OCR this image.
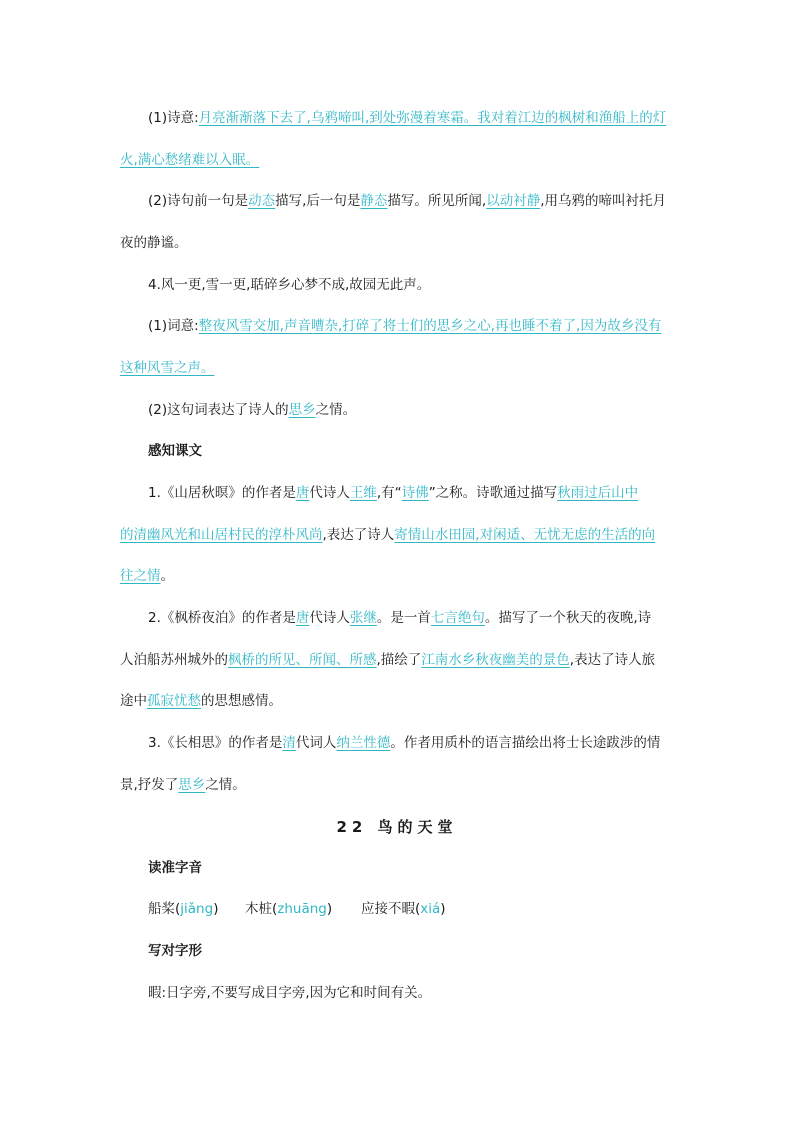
(1)诗意:月亮渐渐落下去了,乌鸦啼叫,到处弥漫着寒霜。我对着江边的枫树和渔船上的灯
火,满心愁绪难以入眠。
(2)诗句前一句是动态描写,后一句是静态描写。所见所闻,以动衬静,用乌鸦的啼叫衬托月
夜的静谧。
4.风一更,雪一更,聒碎乡心梦不成,故园无此声。
(1)词意:整夜风雪交加,声音嘈杂,打碎了将士们的思乡之心,再也睡不着了,因为故乡没有
这种风雪之声。
(2)这句词表达了诗人的思乡之情。
感知课文
1.《山居秋暝》的作者是唐代诗人王维,有“诗佛”之称。诗歌通过描写秋雨过后山中
的清幽风光和山居村民的淳朴风尚,表达了诗人寄情山水田园,对闲适、无忧无虑的生活的向
往之情。
2.《枫桥夜泊》的作者是唐代诗人张继。是一首七言绝句。描写了一个秋天的夜晚,诗
人泊船苏州城外的枫桥的所见、所闻、所感,描绘了江南水乡秋夜幽美的景色,表达了诗人旅
途中孤寂忧愁的思想感情。
3.《长相思》的作者是清代词人纳兰性德。作者用质朴的语言描绘出将士长途跋涉的情
景,抒发了思乡之情。
22 鸟的天堂
读准字音
船桨(jiǎng) 木桩(zhuāng) 应接不暇(xiá)
写对字形
暇:日字旁,不要写成目字旁,因为它和时间有关。
